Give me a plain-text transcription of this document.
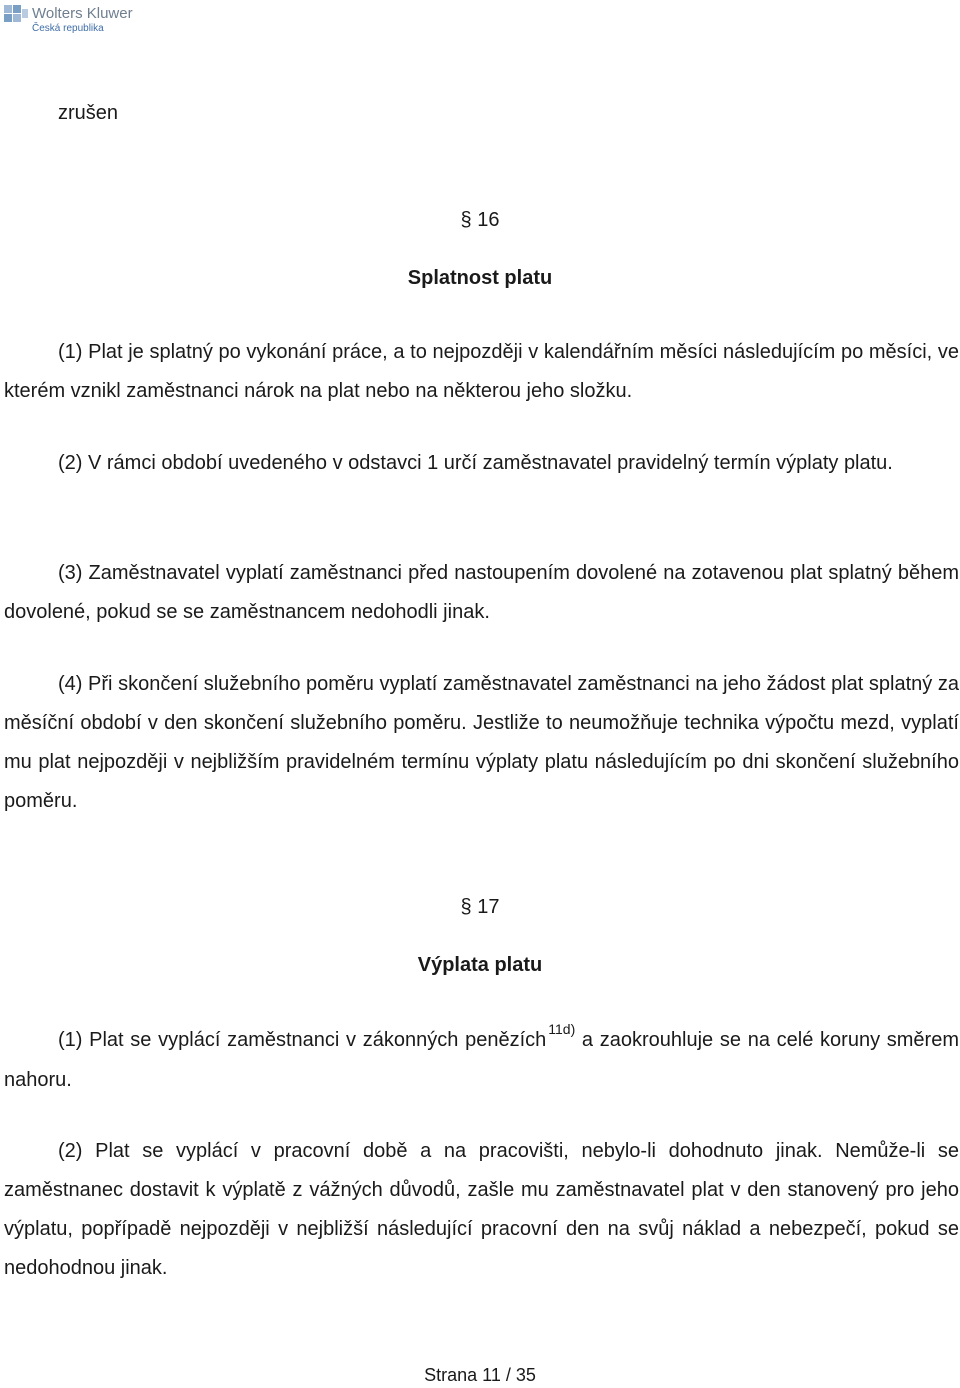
Wolters Kluwer
Česká republika
zrušen
§ 16
Splatnost platu

(1) Plat je splatný po vykonání práce, a to nejpozději v kalendářním měsíci následujícím po měsíci, ve kterém vznikl zaměstnanci nárok na plat nebo na některou jeho složku.

(2) V rámci období uvedeného v odstavci 1 určí zaměstnavatel pravidelný termín výplaty platu.

(3) Zaměstnavatel vyplatí zaměstnanci před nastoupením dovolené na zotavenou plat splatný během dovolené, pokud se se zaměstnancem nedohodli jinak.

(4) Při skončení služebního poměru vyplatí zaměstnavatel zaměstnanci na jeho žádost plat splatný za měsíční období v den skončení služebního poměru. Jestliže to neumožňuje technika výpočtu mezd, vyplatí mu plat nejpozději v nejbližším pravidelném termínu výplaty platu následujícím po dni skončení služebního poměru.

§ 17
Výplata platu

(1) Plat se vyplácí zaměstnanci v zákonných penězích $^{11d)}$ a zaokrouhluje se na celé koruny směrem nahoru.

(2) Plat se vyplácí v pracovní době a na pracovišti, nebylo-li dohodnuto jinak. Nemůže-li se zaměstnanec dostavit k výplatě z vážných důvodů, zašle mu zaměstnavatel plat v den stanovený pro jeho výplatu, popřípadě nejpozději v nejbližší následující pracovní den na svůj náklad a nebezpečí, pokud se nedohodnou jinak.

Strana 11 / 35
